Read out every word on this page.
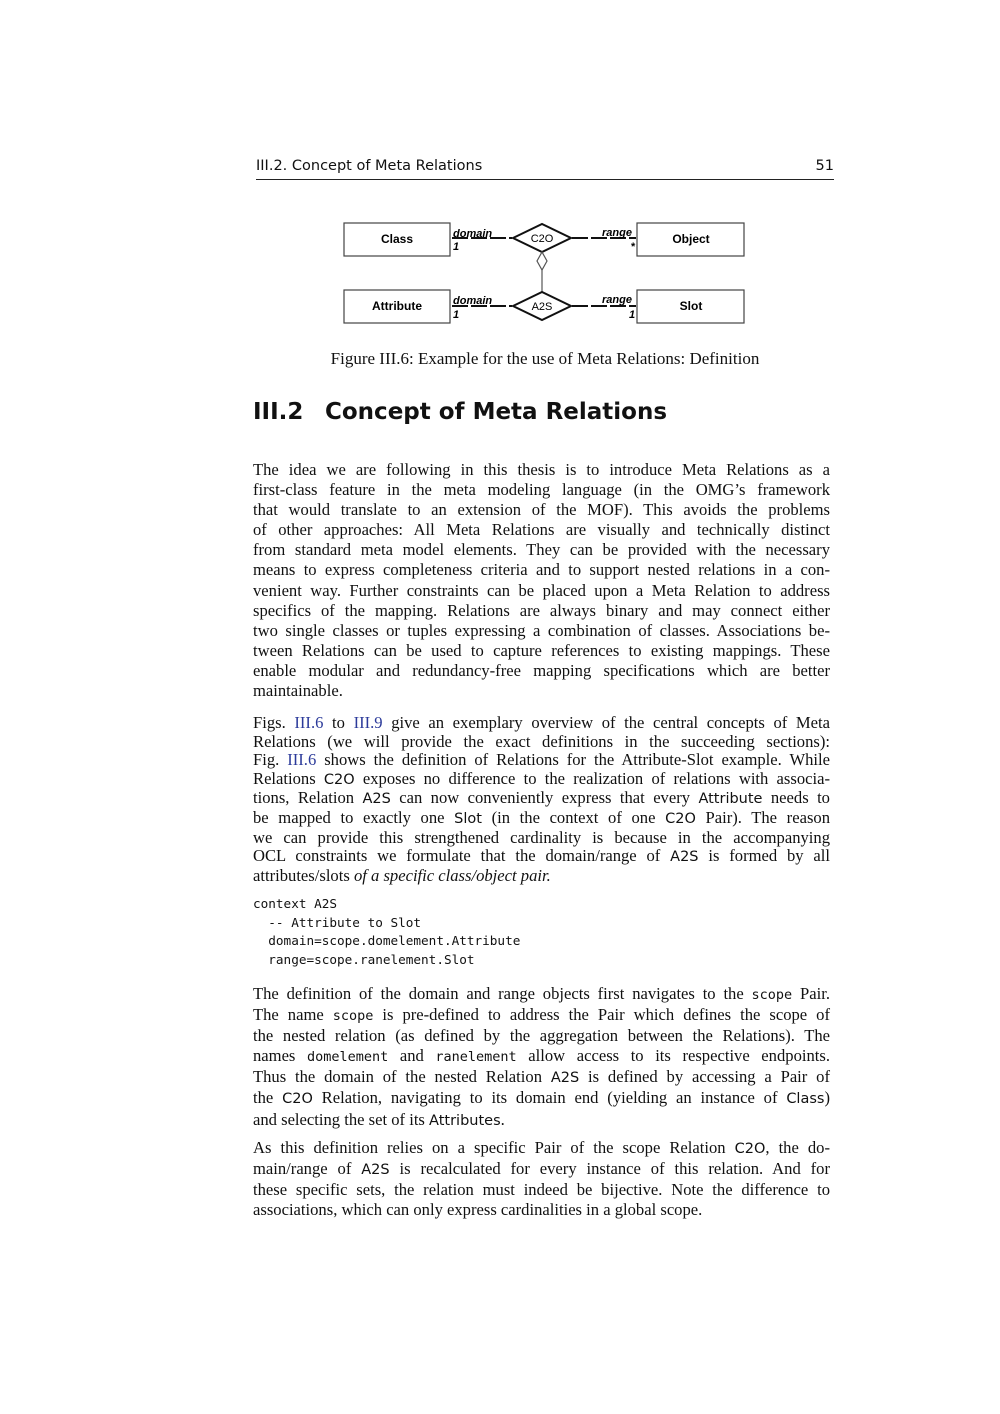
III.2. Concept of Meta Relations	51
Class	Object
C2O
domain
1
range
*
Attribute	Slot
A2S
domain
1
range
1
Figure III.6: Example for the use of Meta Relations: Definition
III.2 Concept of Meta Relations
The idea we are following in this thesis is to introduce Meta Relations as a
first-class feature in the meta modeling language (in the OMG’s framework
that would translate to an extension of the MOF). This avoids the problems
of other approaches: All Meta Relations are visually and technically distinct
from standard meta model elements. They can be provided with the necessary
means to express completeness criteria and to support nested relations in a con-
venient way. Further constraints can be placed upon a Meta Relation to address
specifics of the mapping. Relations are always binary and may connect either
two single classes or tuples expressing a combination of classes. Associations be-
tween Relations can be used to capture references to existing mappings. These
enable modular and redundancy-free mapping specifications which are better
maintainable.
Figs. III.6 to III.9 give an exemplary overview of the central concepts of Meta
Relations (we will provide the exact definitions in the succeeding sections):
Fig. III.6 shows the definition of Relations for the Attribute-Slot example. While
Relations C2O exposes no difference to the realization of relations with associa-
tions, Relation A2S can now conveniently express that every Attribute needs to
be mapped to exactly one Slot (in the context of one C2O Pair). The reason
we can provide this strengthened cardinality is because in the accompanying
OCL constraints we formulate that the domain/range of A2S is formed by all
attributes/slots of a specific class/object pair.
context A2S
-- Attribute to Slot
domain=scope.domelement.Attribute
range=scope.ranelement.Slot
The definition of the domain and range objects first navigates to the scope Pair.
The name scope is pre-defined to address the Pair which defines the scope of
the nested relation (as defined by the aggregation between the Relations). The
names domelement and ranelement allow access to its respective endpoints.
Thus the domain of the nested Relation A2S is defined by accessing a Pair of
the C2O Relation, navigating to its domain end (yielding an instance of Class)
and selecting the set of its Attributes.
As this definition relies on a specific Pair of the scope Relation C2O, the do-
main/range of A2S is recalculated for every instance of this relation. And for
these specific sets, the relation must indeed be bijective. Note the difference to
associations, which can only express cardinalities in a global scope.
